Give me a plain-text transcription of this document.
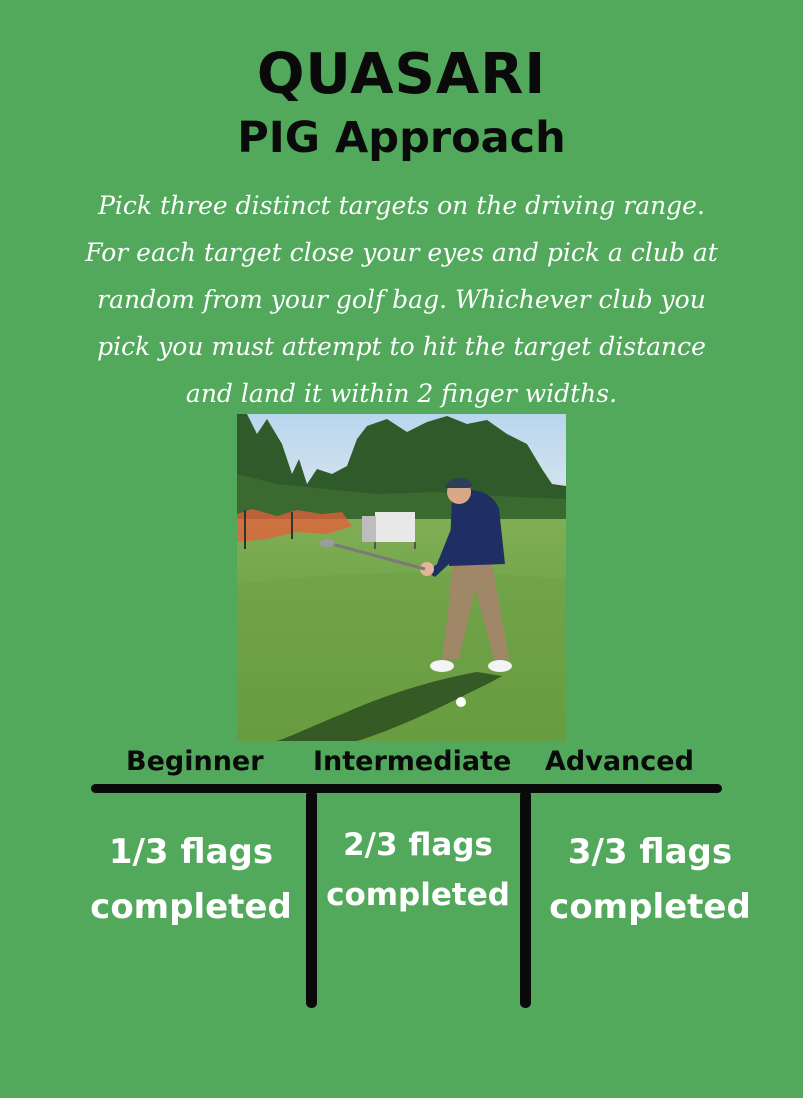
QUASARI
PIG Approach
Pick three distinct targets on the driving range.
For each target close your eyes and pick a club at
random from your golf bag. Whichever club you
pick you must attempt to hit the target distance
and land it within 2 finger widths.
Beginner Intermediate Advanced
1/3 flags
completed
2/3 flags
completed
3/3 flags
completed
